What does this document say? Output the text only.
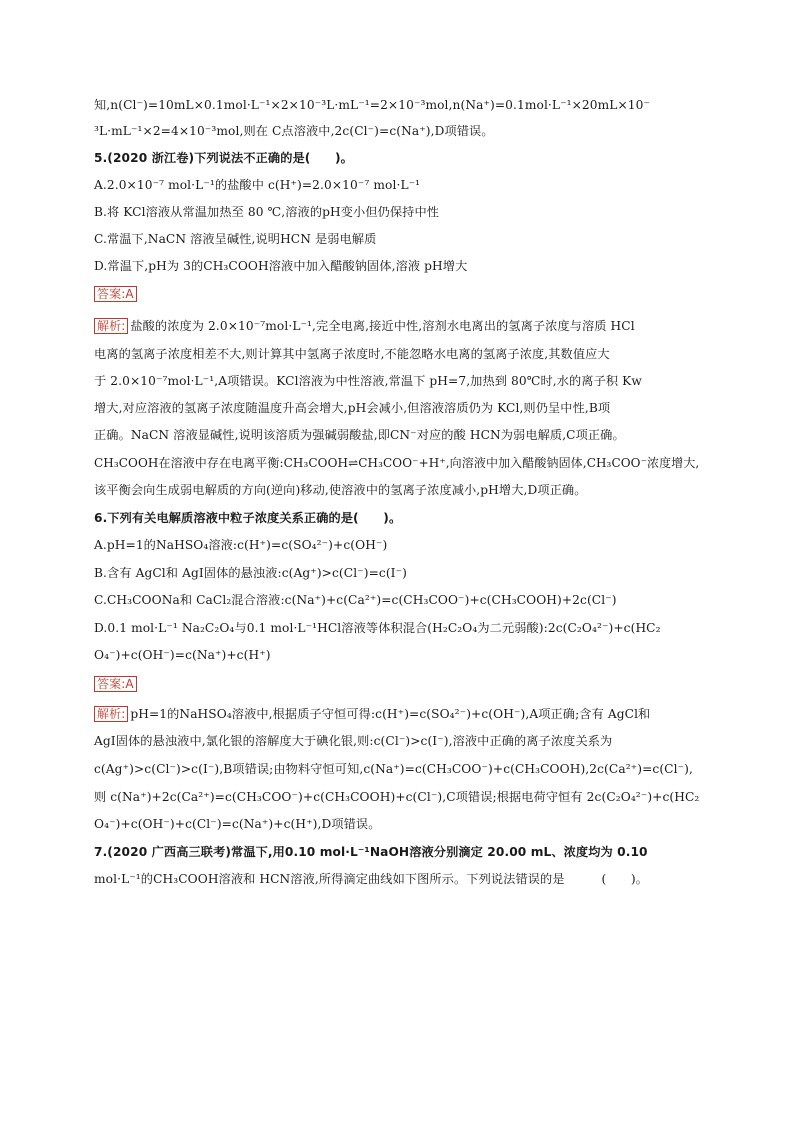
知,n(Cl⁻)=10mL×0.1mol·L⁻¹×2×10⁻³L·mL⁻¹=2×10⁻³mol,n(Na⁺)=0.1mol·L⁻¹×20mL×10⁻
³L·mL⁻¹×2=4×10⁻³mol,则在 C点溶液中,2c(Cl⁻)=c(Na⁺),D项错误。
5.(2020 浙江卷)下列说法不正确的是(　　)。
A.2.0×10⁻⁷ mol·L⁻¹的盐酸中 c(H⁺)=2.0×10⁻⁷ mol·L⁻¹
B.将 KCl溶液从常温加热至 80 ℃,溶液的pH变小但仍保持中性
C.常温下,NaCN 溶液呈碱性,说明HCN 是弱电解质
D.常温下,pH为 3的CH₃COOH溶液中加入醋酸钠固体,溶液 pH增大
答案:A
解析: 盐酸的浓度为 2.0×10⁻⁷mol·L⁻¹,完全电离,接近中性,溶剂水电离出的氢离子浓度与溶质 HCl
电离的氢离子浓度相差不大,则计算其中氢离子浓度时,不能忽略水电离的氢离子浓度,其数值应大
于 2.0×10⁻⁷mol·L⁻¹,A项错误。KCl溶液为中性溶液,常温下 pH=7,加热到 80℃时,水的离子积 Kw
增大,对应溶液的氢离子浓度随温度升高会增大,pH会减小,但溶液溶质仍为 KCl,则仍呈中性,B项
正确。NaCN 溶液显碱性,说明该溶质为强碱弱酸盐,即CN⁻对应的酸 HCN为弱电解质,C项正确。
CH₃COOH在溶液中存在电离平衡:CH₃COOH⇌CH₃COO⁻+H⁺,向溶液中加入醋酸钠固体,CH₃COO⁻浓度增大,
该平衡会向生成弱电解质的方向(逆向)移动,使溶液中的氢离子浓度减小,pH增大,D项正确。
6.下列有关电解质溶液中粒子浓度关系正确的是(　　)。
A.pH=1的NaHSO₄溶液:c(H⁺)=c(SO₄²⁻)+c(OH⁻)
B.含有 AgCl和 AgI固体的悬浊液:c(Ag⁺)>c(Cl⁻)=c(I⁻)
C.CH₃COONa和 CaCl₂混合溶液:c(Na⁺)+c(Ca²⁺)=c(CH₃COO⁻)+c(CH₃COOH)+2c(Cl⁻)
D.0.1 mol·L⁻¹ Na₂C₂O₄与0.1 mol·L⁻¹HCl溶液等体积混合(H₂C₂O₄为二元弱酸):2c(C₂O₄²⁻)+c(HC₂
O₄⁻)+c(OH⁻)=c(Na⁺)+c(H⁺)
答案:A
解析: pH=1的NaHSO₄溶液中,根据质子守恒可得:c(H⁺)=c(SO₄²⁻)+c(OH⁻),A项正确;含有 AgCl和
AgI固体的悬浊液中,氯化银的溶解度大于碘化银,则:c(Cl⁻)>c(I⁻),溶液中正确的离子浓度关系为
c(Ag⁺)>c(Cl⁻)>c(I⁻),B项错误;由物料守恒可知,c(Na⁺)=c(CH₃COO⁻)+c(CH₃COOH),2c(Ca²⁺)=c(Cl⁻),
则 c(Na⁺)+2c(Ca²⁺)=c(CH₃COO⁻)+c(CH₃COOH)+c(Cl⁻),C项错误;根据电荷守恒有 2c(C₂O₄²⁻)+c(HC₂
O₄⁻)+c(OH⁻)+c(Cl⁻)=c(Na⁺)+c(H⁺),D项错误。
7.(2020 广西高三联考)常温下,用0.10 mol·L⁻¹NaOH溶液分别滴定 20.00 mL、浓度均为 0.10
mol·L⁻¹的CH₃COOH溶液和 HCN溶液,所得滴定曲线如下图所示。下列说法错误的是　　　(　　)。
